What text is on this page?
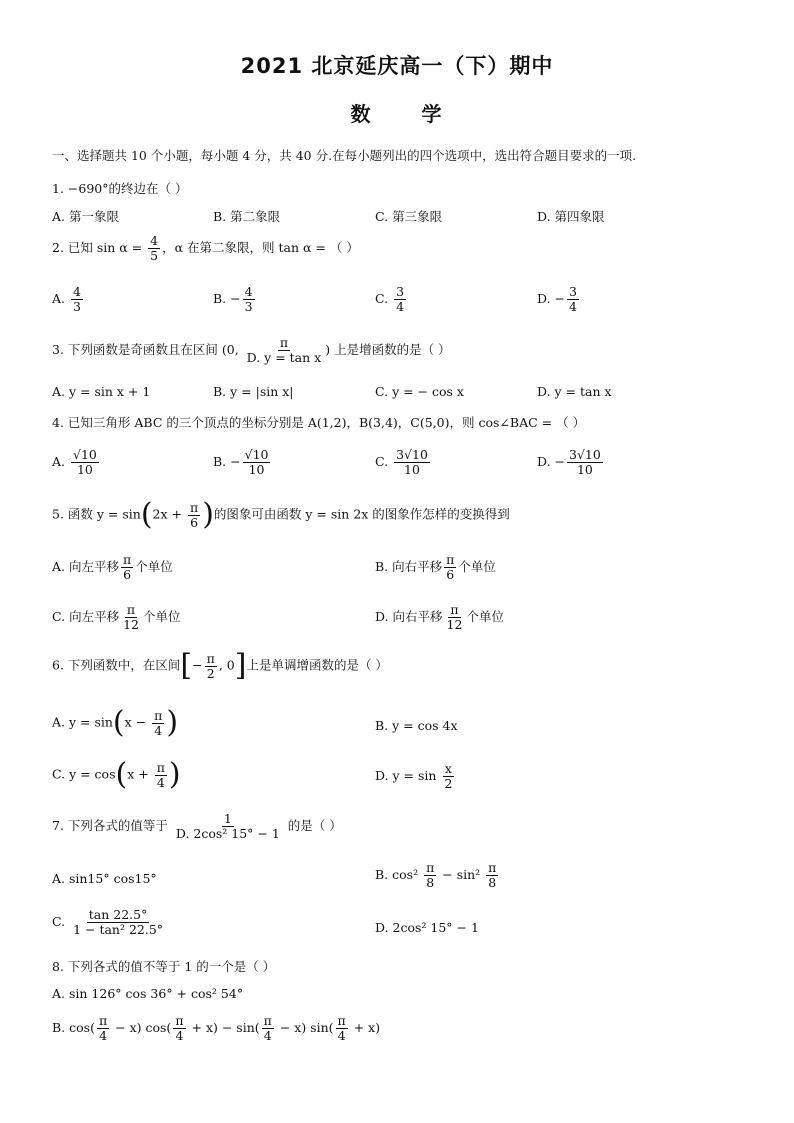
2021 北京延庆高一（下）期中
数 学
一、选择题共 10 个小题，每小题 4 分，共 40 分.在每小题列出的四个选项中，选出符合题目要求的一项.
1. −690°的终边在（ ）
A. 第一象限	B. 第二象限	C. 第三象限	D. 第四象限
2. 已知 $\sin \alpha = \frac{4}{5}$ ，α 在第二象限，则 tan α = （ ）
A. $\frac{4}{3}$	B. − $\frac{4}{3}$	C. $\frac{3}{4}$	D. − $\frac{3}{4}$
3. 下列函数是奇函数且在区间 (0, $\frac{\pi}{\text{D. y = tan x}}$ ) 上是增函数的是（ ）
A. y = sin x + 1	B. y = |sin x|	C. y = − cos x	D. y = tan x
4. 已知三角形 ABC 的三个顶点的坐标分别是 A(1,2)，B(3,4)，C(5,0)，则 cos∠BAC = （ ）
A. $\frac{√10}{10}$	B. − $\frac{√10}{10}$	C. $\frac{3√10}{10}$	D. − $\frac{3√10}{10}$
5. 函数 $y = \sin(2x + \frac{\pi}{6}$ )的图象可由函数 y = sin 2x 的图象作怎样的变换得到
A. 向左平移 $\frac{\pi}{6}$ 个单位	B. 向右平移 $\frac{\pi}{6}$ 个单位
C. 向左平移 $\frac{\pi}{12}$ 个单位	D. 向右平移 $\frac{\pi}{12}$ 个单位
6. 下列函数中，在区间[− $\frac{\pi}{2}$ , 0]上是单调增函数的是（ ）
A. $y = \sin(x - \frac{\pi}{4}$ )	B. y = cos 4x
C. $y = \cos(x + \frac{\pi}{4}$ )	D. $y = \sin \frac{x}{2}$
7. 下列各式的值等于 $\frac{1}{\text{D. 2cos² 15° − 1}}$ 的是（ ）
A. sin15° cos15°	B. $\cos^2 \frac{\pi}{8} - \sin^2 \frac{\pi}{8}$
C. $\frac{\tan 22.5^\circ}{\text{1 − tan² 22.5°}}$	D. 2cos² 15° − 1
8. 下列各式的值不等于 1 的一个是（ ）
A. sin 126° cos 36° + cos² 54°
B. $\cos( \frac{\pi}{4} - x)$ $\cos( \frac{\pi}{4} + x) - \sin( \frac{\pi}{4} - x)$ $\sin( \frac{\pi}{4} + x)$
